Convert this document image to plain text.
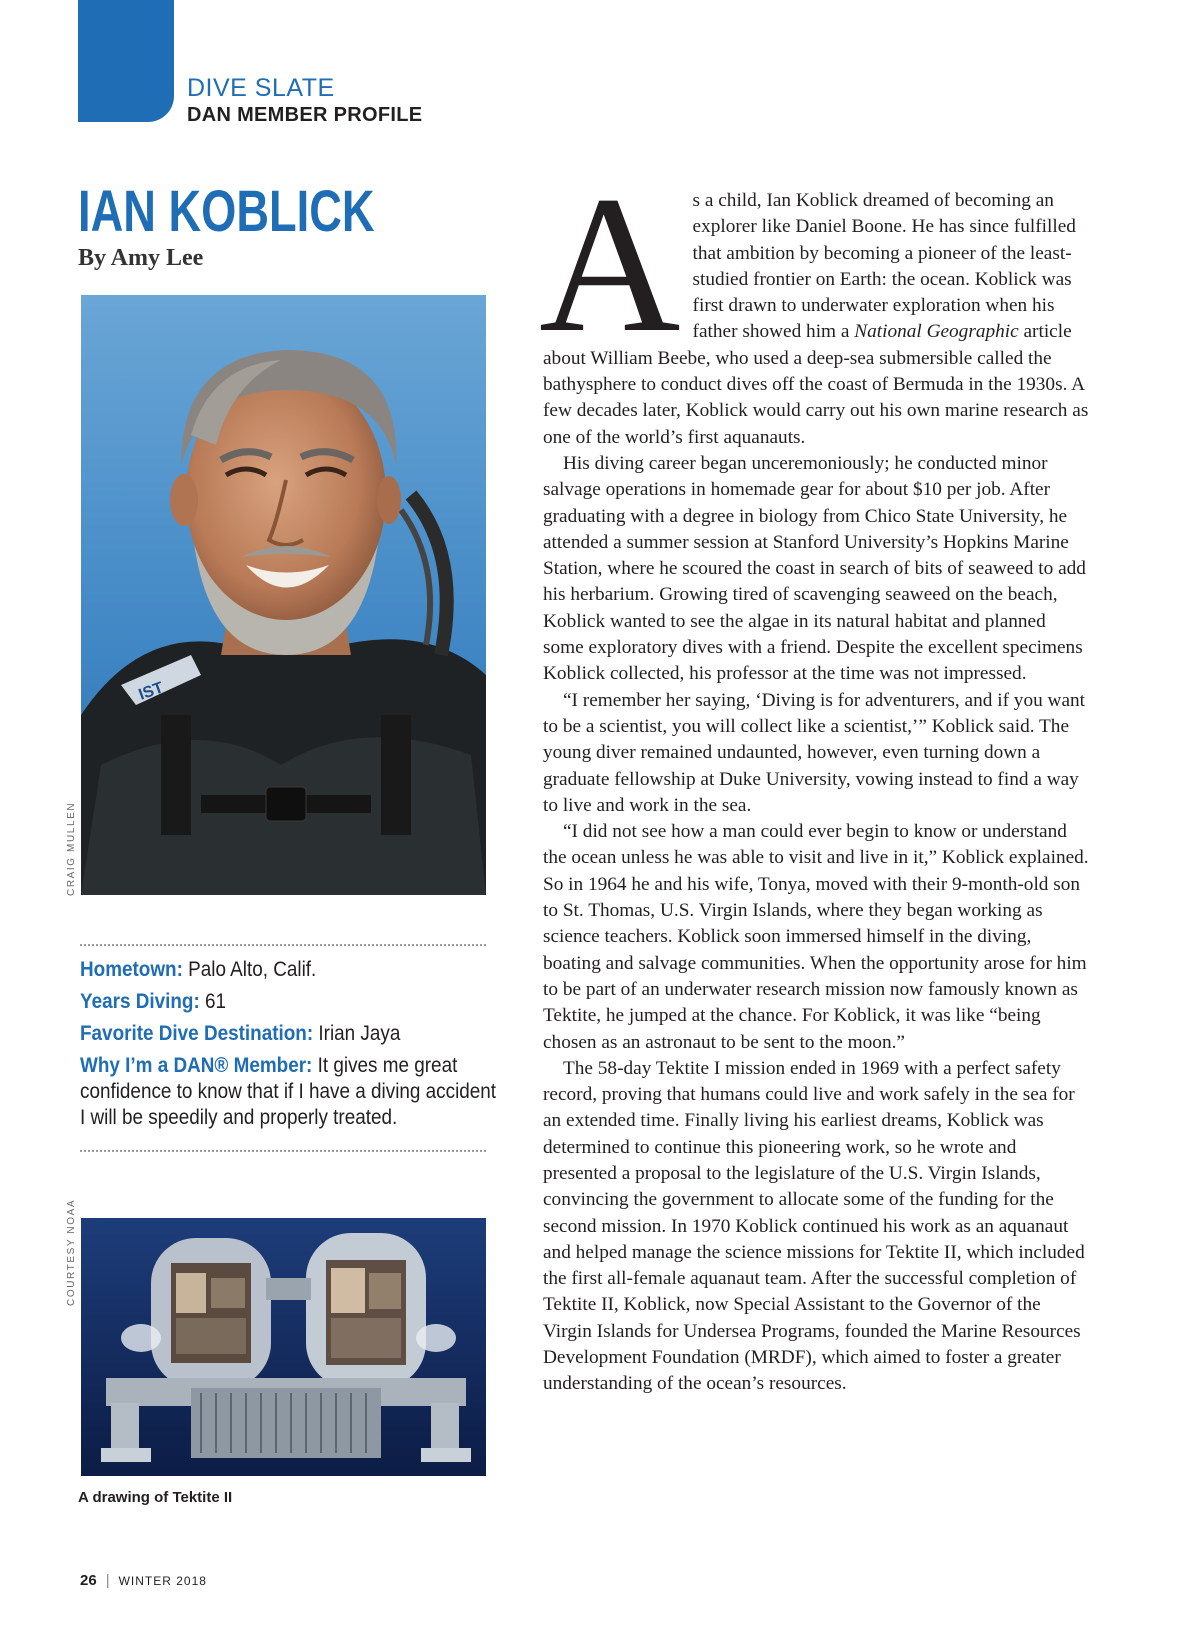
DIVE SLATE
DAN MEMBER PROFILE
IAN KOBLICK
By Amy Lee
IST
CRAIG MULLEN
Hometown: Palo Alto, Calif.
Years Diving: 61
Favorite Dive Destination: Irian Jaya
Why I’m a DAN® Member: It gives me great confidence to know that if I have a diving accident I will be speedily and properly treated.
COURTESY NOAA
A drawing of Tektite II
26 | WINTER 2018

As a child, Ian Koblick dreamed of becoming an explorer like Daniel Boone. He has since fulfilled that ambition by becoming a pioneer of the least-studied frontier on Earth: the ocean. Koblick was first drawn to underwater exploration when his father showed him a National Geographic article about William Beebe, who used a deep-sea submersible called the bathysphere to conduct dives off the coast of Bermuda in the 1930s. A few decades later, Koblick would carry out his own marine research as one of the world’s first aquanauts.

His diving career began unceremoniously; he conducted minor salvage operations in homemade gear for about $10 per job. After graduating with a degree in biology from Chico State University, he attended a summer session at Stanford University’s Hopkins Marine Station, where he scoured the coast in search of bits of seaweed to add his herbarium. Growing tired of scavenging seaweed on the beach, Koblick wanted to see the algae in its natural habitat and planned some exploratory dives with a friend. Despite the excellent specimens Koblick collected, his professor at the time was not impressed.

“I remember her saying, ‘Diving is for adventurers, and if you want to be a scientist, you will collect like a scientist,’” Koblick said. The young diver remained undaunted, however, even turning down a graduate fellowship at Duke University, vowing instead to find a way to live and work in the sea.

“I did not see how a man could ever begin to know or understand the ocean unless he was able to visit and live in it,” Koblick explained. So in 1964 he and his wife, Tonya, moved with their 9-month-old son to St. Thomas, U.S. Virgin Islands, where they began working as science teachers. Koblick soon immersed himself in the diving, boating and salvage communities. When the opportunity arose for him to be part of an underwater research mission now famously known as Tektite, he jumped at the chance. For Koblick, it was like “being chosen as an astronaut to be sent to the moon.”

The 58-day Tektite I mission ended in 1969 with a perfect safety record, proving that humans could live and work safely in the sea for an extended time. Finally living his earliest dreams, Koblick was determined to continue this pioneering work, so he wrote and presented a proposal to the legislature of the U.S. Virgin Islands, convincing the government to allocate some of the funding for the second mission. In 1970 Koblick continued his work as an aquanaut and helped manage the science missions for Tektite II, which included the first all-female aquanaut team. After the successful completion of Tektite II, Koblick, now Special Assistant to the Governor of the Virgin Islands for Undersea Programs, founded the Marine Resources Development Foundation (MRDF), which aimed to foster a greater understanding of the ocean’s resources.
